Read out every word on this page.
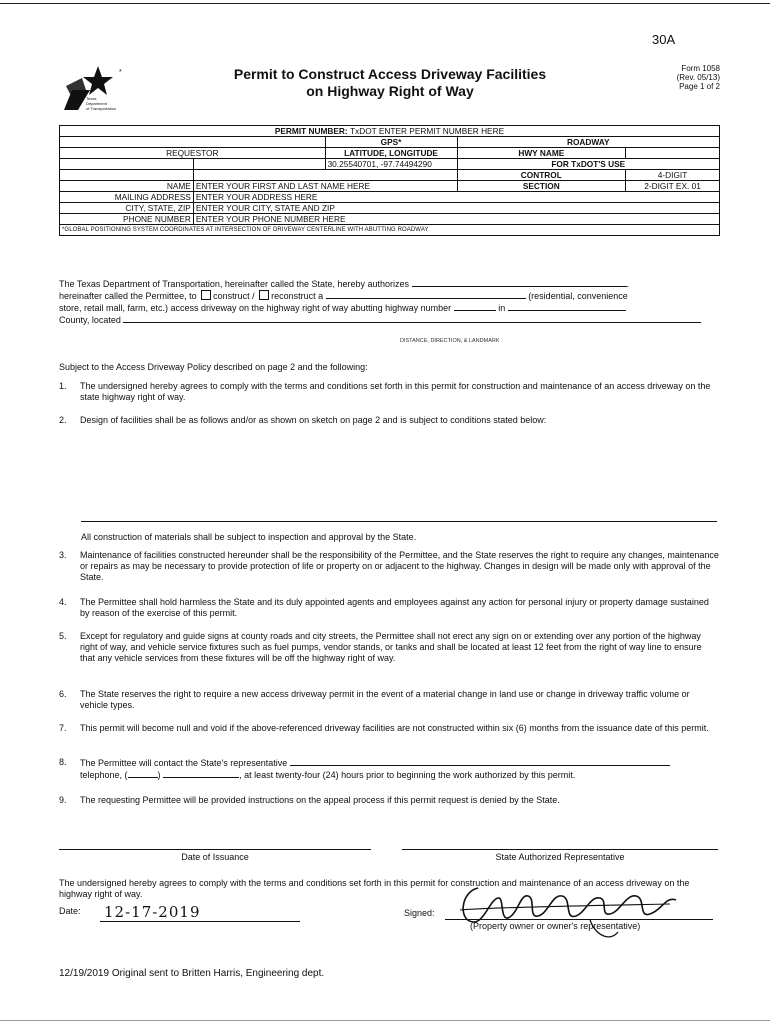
30A
*
Texas
Department
of Transportation
Permit to Construct Access Driveway Facilities
on Highway Right of Way
Form 1058
(Rev. 05/13)
Page 1 of 2
PERMIT NUMBER: TxDOT ENTER PERMIT NUMBER HERE				
		GPS*	ROADWAY	
REQUESTOR		LATITUDE, LONGITUDE	HWY NAME	
		30.25540701, -97.74494290	FOR TxDOT'S USE	
			CONTROL	4-DIGIT
NAME	ENTER YOUR FIRST AND LAST NAME HERE		SECTION	2-DIGIT EX. 01
MAILING ADDRESS	ENTER YOUR ADDRESS HERE			
CITY, STATE, ZIP	ENTER YOUR CITY, STATE AND ZIP			
PHONE NUMBER	ENTER YOUR PHONE NUMBER HERE			
*GLOBAL POSITIONING SYSTEM COORDINATES AT INTERSECTION OF DRIVEWAY CENTERLINE WITH ABUTTING ROADWAY				
The Texas Department of Transportation, hereinafter called the State, hereby authorizes	.
hereinafter called the Permittee, to construct / reconstruct a	(residential, convenience
store, retail mall, farm, etc.) access driveway on the highway right of way abutting highway number	in
County, located
DISTANCE, DIRECTION, & LANDMARK
Subject to the Access Driveway Policy described on page 2 and the following:
1.	The undersigned hereby agrees to comply with the terms and conditions set forth in this permit for construction and maintenance of an access driveway on the state highway right of way.
2.	Design of facilities shall be as follows and/or as shown on sketch on page 2 and is subject to conditions stated below:
All construction of materials shall be subject to inspection and approval by the State.
3.	Maintenance of facilities constructed hereunder shall be the responsibility of the Permittee, and the State reserves the right to require any changes, maintenance or repairs as may be necessary to provide protection of life or property on or adjacent to the highway. Changes in design will be made only with approval of the State.
4.	The Permittee shall hold harmless the State and its duly appointed agents and employees against any action for personal injury or property damage sustained by reason of the exercise of this permit.
5.	Except for regulatory and guide signs at county roads and city streets, the Permittee shall not erect any sign on or extending over any portion of the highway right of way, and vehicle service fixtures such as fuel pumps, vendor stands, or tanks and shall be located at least 12 feet from the right of way line to ensure that any vehicle services from these fixtures will be off the highway right of way.
6.	The State reserves the right to require a new access driveway permit in the event of a material change in land use or change in driveway traffic volume or vehicle types.
7.	This permit will become null and void if the above-referenced driveway facilities are not constructed within six (6) months from the issuance date of this permit.
8.	The Permittee will contact the State's representative
telephone, (	)	, at least twenty-four (24) hours prior to beginning the work authorized by this permit.
9.	The requesting Permittee will be provided instructions on the appeal process if this permit request is denied by the State.
Date of Issuance	State Authorized Representative
The undersigned hereby agrees to comply with the terms and conditions set forth in this permit for construction and maintenance of an access driveway on the highway right of way.
Date: 12-17-2019	Signed:
(Property owner or owner's representative)
12/19/2019 Original sent to Britten Harris, Engineering dept.
